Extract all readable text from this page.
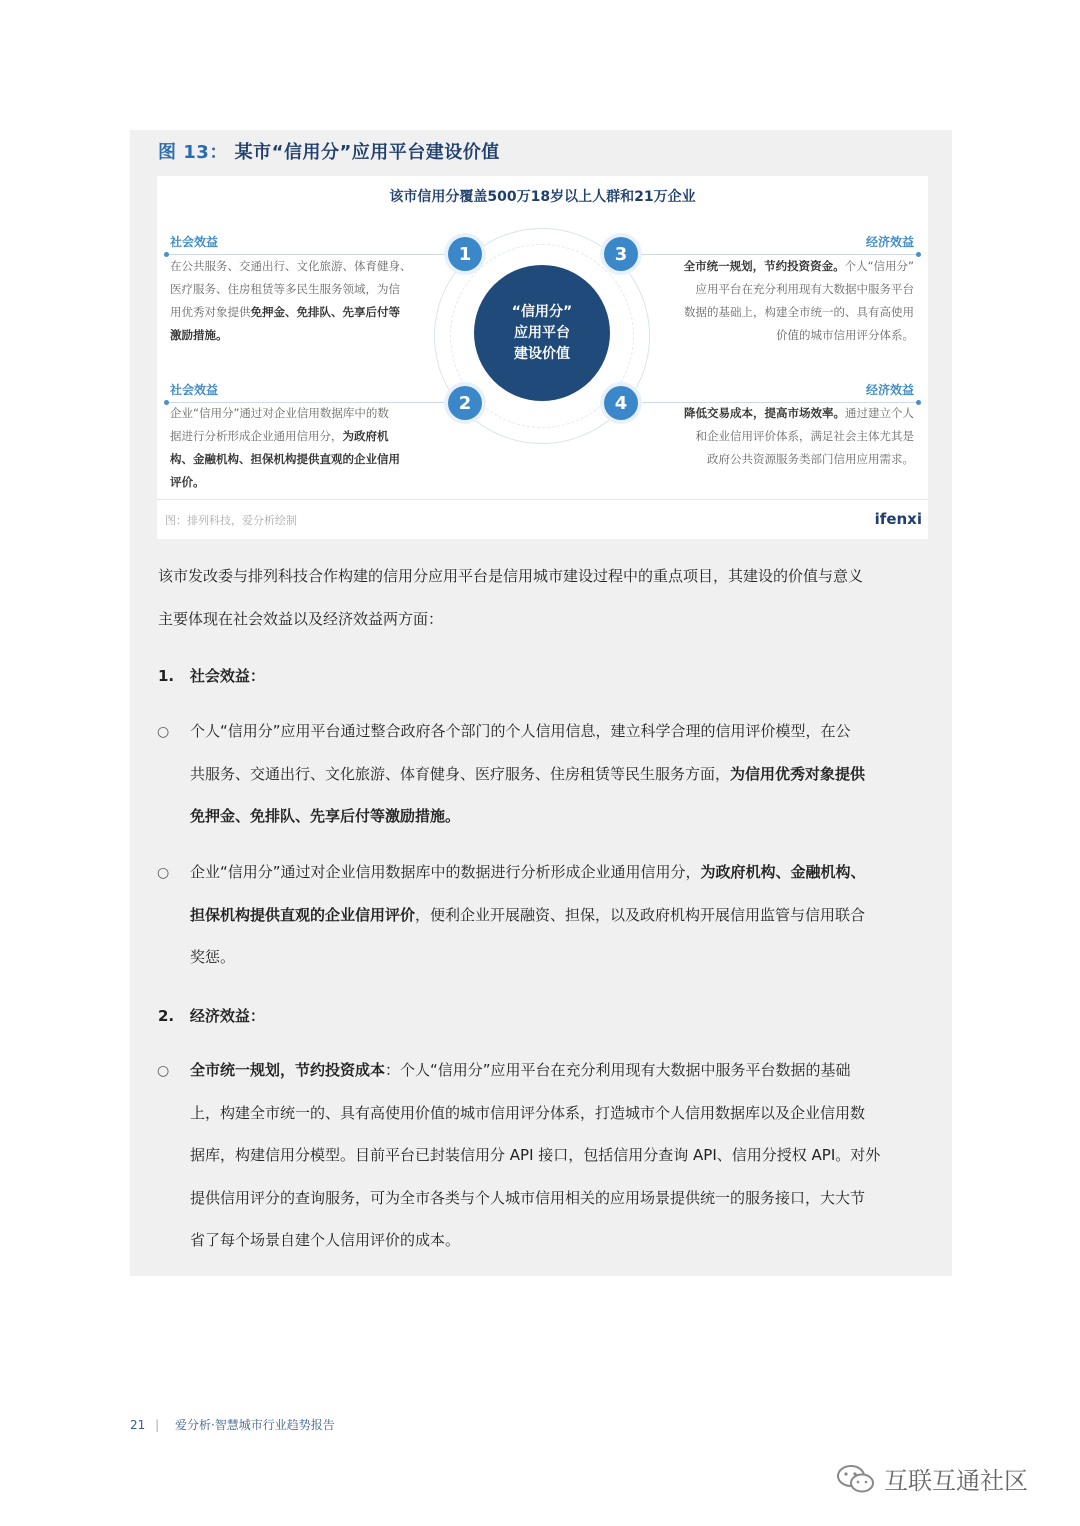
图 13： 某市“信用分”应用平台建设价值
该市信用分覆盖500万18岁以上人群和21万企业
社会效益
在公共服务、交通出行、文化旅游、体育健身、
医疗服务、住房租赁等多民生服务领域，为信
用优秀对象提供免押金、免排队、先享后付等
激励措施。
社会效益
企业“信用分”通过对企业信用数据库中的数
据进行分析形成企业通用信用分，为政府机
构、金融机构、担保机构提供直观的企业信用
评价。
经济效益
全市统一规划，节约投资资金。个人“信用分”
应用平台在充分利用现有大数据中服务平台
数据的基础上，构建全市统一的、具有高使用
价值的城市信用评分体系。
经济效益
降低交易成本，提高市场效率。通过建立个人
和企业信用评价体系，满足社会主体尤其是
政府公共资源服务类部门信用应用需求。
“信用分”
应用平台
建设价值
1
2
3
4
图：排列科技，爱分析绘制	ifenxi
该市发改委与排列科技合作构建的信用分应用平台是信用城市建设过程中的重点项目，其建设的价值与意义
主要体现在社会效益以及经济效益两方面：
1. 社会效益：
○ 个人“信用分”应用平台通过整合政府各个部门的个人信用信息，建立科学合理的信用评价模型，在公
共服务、交通出行、文化旅游、体育健身、医疗服务、住房租赁等民生服务方面，为信用优秀对象提供
免押金、免排队、先享后付等激励措施。
○ 企业“信用分”通过对企业信用数据库中的数据进行分析形成企业通用信用分，为政府机构、金融机构、
担保机构提供直观的企业信用评价，便利企业开展融资、担保，以及政府机构开展信用监管与信用联合
奖惩。
2. 经济效益：
○ 全市统一规划，节约投资成本：个人“信用分”应用平台在充分利用现有大数据中服务平台数据的基础
上，构建全市统一的、具有高使用价值的城市信用评分体系，打造城市个人信用数据库以及企业信用数
据库，构建信用分模型。目前平台已封装信用分 API 接口，包括信用分查询 API、信用分授权 API。对外
提供信用评分的查询服务，可为全市各类与个人城市信用相关的应用场景提供统一的服务接口，大大节
省了每个场景自建个人信用评价的成本。
21 | 爱分析·智慧城市行业趋势报告
互联互通社区
